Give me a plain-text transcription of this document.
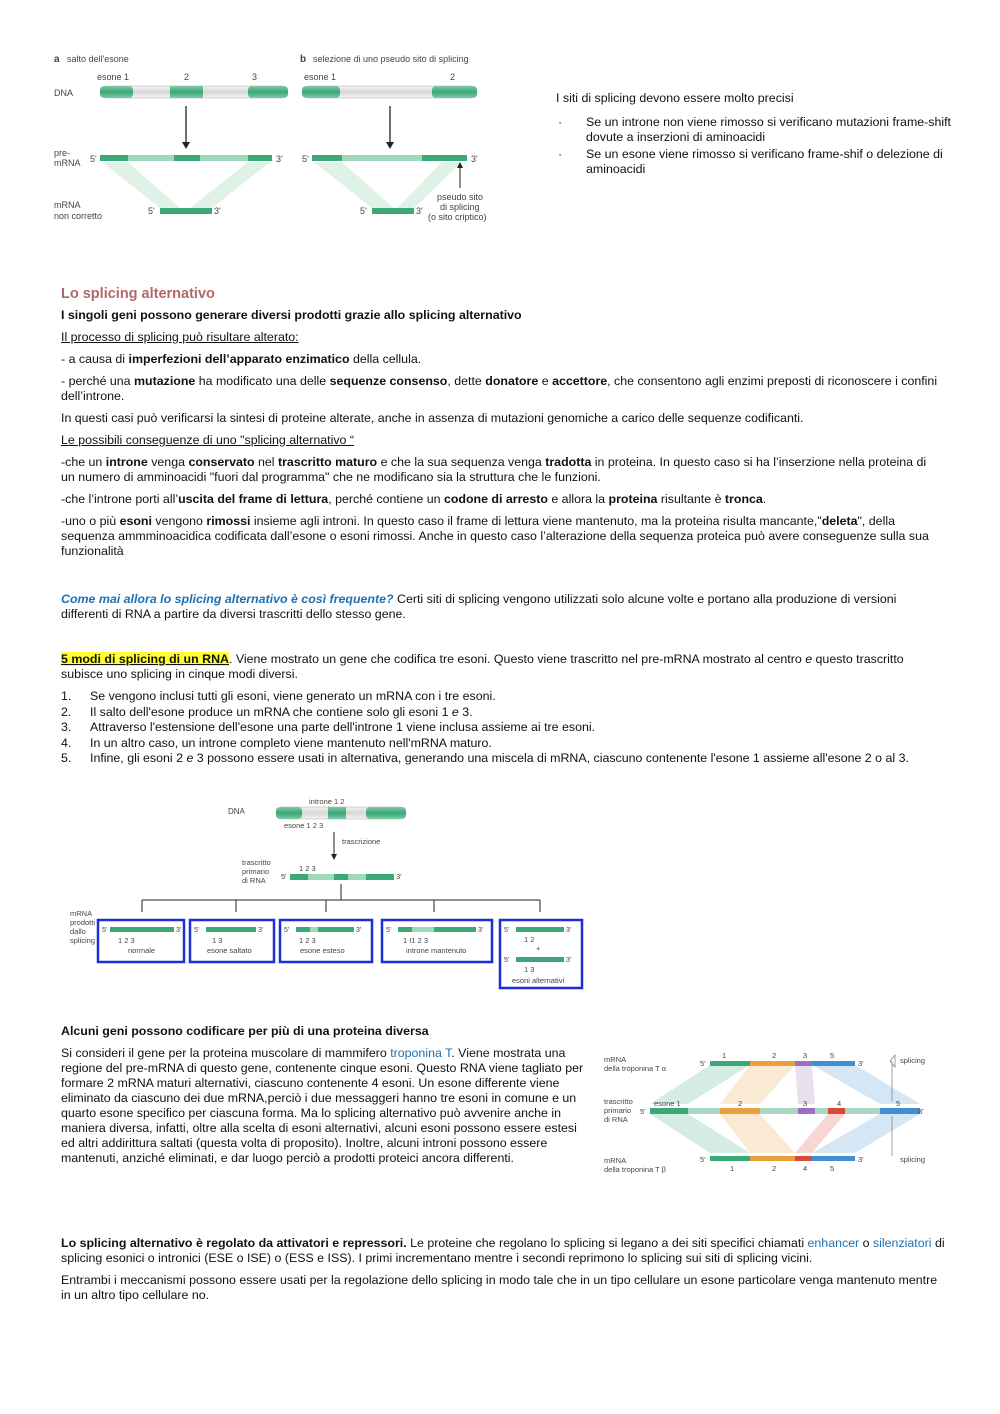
a salto dell'esone
DNA
esone 1	2	3
pre-
mRNA 5'	3'
mRNA
non corretto	5'	3'
b selezione di uno pseudo sito di splicing
esone 1	2
5'	3'
5'	3'
pseudo sito
di splicing
(o sito criptico)

I siti di splicing devono essere molto precisi

· Se un introne non viene rimosso si verificano mutazioni frame-shift dovute a inserzioni di aminoacidi
· Se un esone viene rimosso si verificano frame-shif o delezione di aminoacidi

Lo splicing alternativo

I singoli geni possono generare diversi prodotti grazie allo splicing alternativo

Il processo di splicing può risultare alterato:

- a causa di imperfezioni dell’apparato enzimatico della cellula.

- perché una mutazione ha modificato una delle sequenze consenso, dette donatore e accettore, che consentono agli enzimi preposti di riconoscere i confini dell’introne.

In questi casi può verificarsi la sintesi di proteine alterate, anche in assenza di mutazioni genomiche a carico delle sequenze codificanti.

Le possibili conseguenze di uno "splicing alternativo “

-che un introne venga conservato nel trascritto maturo e che la sua sequenza venga tradotta in proteina. In questo caso si ha l’inserzione nella proteina di un numero di amminoacidi "fuori dal programma" che ne modificano sia la struttura che le funzioni.

-che l’introne porti all’uscita del frame di lettura, perché contiene un codone di arresto e allora la proteina risultante è tronca.

-uno o più esoni vengono rimossi insieme agli introni. In questo caso il frame di lettura viene mantenuto, ma la proteina risulta mancante,"deleta", della sequenza ammminoacidica codificata dall’esone o esoni rimossi. Anche in questo caso l’alterazione della sequenza proteica può avere conseguenze sulla sua funzionalità

Come mai allora lo splicing alternativo è così frequente? Certi siti di splicing vengono utilizzati solo alcune volte e portano alla produzione di versioni differenti di RNA a partire da diversi trascritti dello stesso gene.

5 modi di splicing di un RNA. Viene mostrato un gene che codifica tre esoni. Questo viene trascritto nel pre-mRNA mostrato al centro e questo trascritto subisce uno splicing in cinque modi diversi.

1. Se vengono inclusi tutti gli esoni, viene generato un mRNA con i tre esoni.
2. Il salto dell'esone produce un mRNA che contiene solo gli esoni 1 e 3.
3. Attraverso l'estensione dell'esone una parte dell'introne 1 viene inclusa assieme ai tre esoni.
4. In un altro caso, un introne completo viene mantenuto nell'mRNA maturo.
5. Infine, gli esoni 2 e 3 possono essere usati in alternativa, generando una miscela di mRNA, ciascuno contenente l'esone 1 assieme all'esone 2 o al 3.
DNA
introne 1 2
esone 1 2 3
trascrizione
trascritto
primario
di RNA
1 2 3
5'	3'
mRNA
prodotti
dallo
splicing
5'	3'
1 2 3
normale
5'	3'
1 3
esone saltato
5'	3'
1 2 3
esone esteso
5'	3'
1 I1 2 3
introne mantenuto
5'	3'
1 2
+
5'	3'
1 3
esoni alternativi

Alcuni geni possono codificare per più di una proteina diversa

Si consideri il gene per la proteina muscolare di mammifero troponina T. Viene mostrata una regione del pre-mRNA di questo gene, contenente cinque esoni. Questo RNA viene tagliato per formare 2 mRNA maturi alternativi, ciascuno contenente 4 esoni. Un esone differente viene eliminato da ciascuno dei due mRNA,perciò i due messaggeri hanno tre esoni in comune e un quarto esone specifico per ciascuna forma. Ma lo splicing alternativo può avvenire anche in maniera diversa, infatti, oltre alla scelta di esoni alternativi, alcuni esoni possono essere estesi ed altri addirittura saltati (questa volta di proposito). Inoltre, alcuni introni possono essere mantenuti, anziché eliminati, e dar luogo perciò a prodotti proteici ancora differenti.

mRNA
della troponina T α
trascritto
primario
di RNA
mRNA
della troponina T β
1	2	3	5
5'	3'	splicing
esone 1	2	3	4	5
5'	3'
5'	3'	splicing
1	2	4	5

Lo splicing alternativo è regolato da attivatori e repressori. Le proteine che regolano lo splicing si legano a dei siti specifici chiamati enhancer o silenziatori di splicing esonici o intronici (ESE o ISE) o (ESS e ISS). I primi incrementano mentre i secondi reprimono lo splicing sui siti di splicing vicini.

Entrambi i meccanismi possono essere usati per la regolazione dello splicing in modo tale che in un tipo cellulare un esone particolare venga mantenuto mentre in un altro tipo cellulare no.
